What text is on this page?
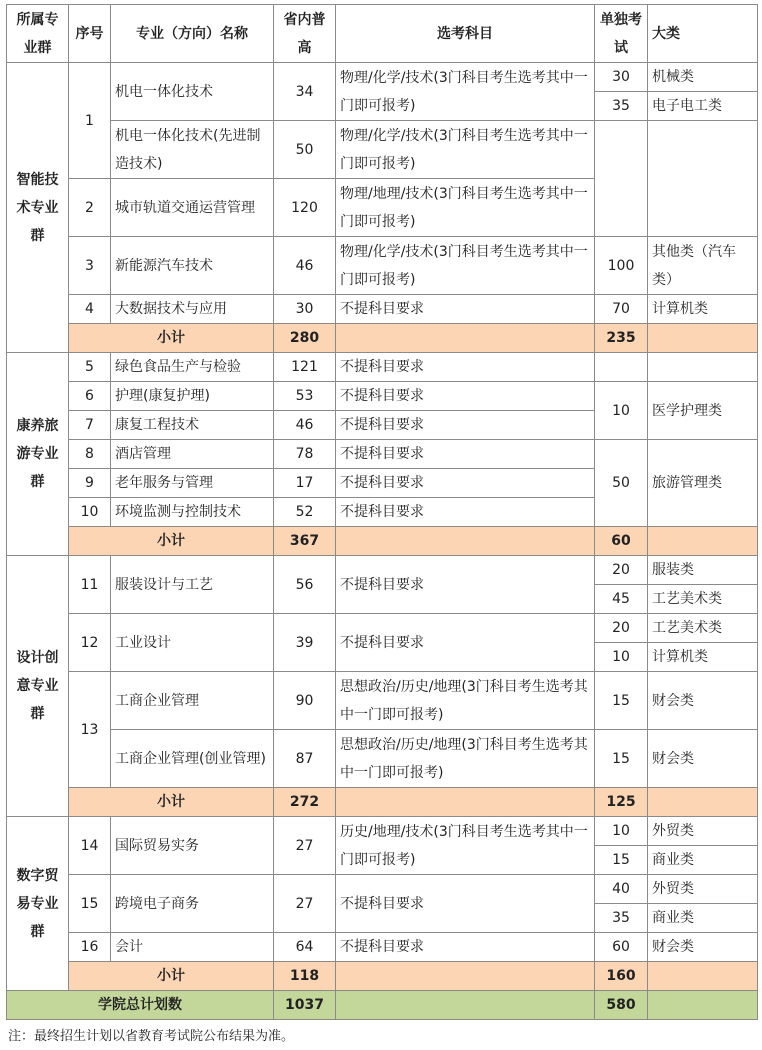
所属专业群	序号	专业（方向）名称	省内普高	选考科目	单独考试	大类
智能技术专业群	1	机电一体化技术	34	物理/化学/技术(3门科目考生选考其中一门即可报考)	30	机械类
					35	电子电工类
		机电一体化技术(先进制造技术)	50	物理/化学/技术(3门科目考生选考其中一门即可报考)		

	2	城市轨道交通运营管理	120	物理/地理/技术(3门科目考生选考其中一门即可报考)		

	3	新能源汽车技术	46	物理/化学/技术(3门科目考生选考其中一门即可报考)	100	其他类（汽车类）

	4	大数据技术与应用	30	不提科目要求	70	计算机类
	小计		280		235	
康养旅游专业群	5	绿色食品生产与检验	121	不提科目要求		
	6	护理(康复护理)	53	不提科目要求	10	医学护理类
	7	康复工程技术	46	不提科目要求		
	8	酒店管理	78	不提科目要求	50	旅游管理类
	9	老年服务与管理	17	不提科目要求		
	10	环境监测与控制技术	52	不提科目要求		
	小计		367		60	
设计创意专业群	11	服装设计与工艺	56	不提科目要求	20	服装类
					45	工艺美术类
	12	工业设计	39	不提科目要求	20	工艺美术类
					10	计算机类
	13	工商企业管理	90	思想政治/历史/地理(3门科目考生选考其中一门即可报考)	15	财会类

		工商企业管理(创业管理)	87	思想政治/历史/地理(3门科目考生选考其中一门即可报考)	15	财会类

	小计		272		125	
数字贸易专业群	14	国际贸易实务	27	历史/地理/技术(3门科目考生选考其中一门即可报考)	10	外贸类
					15	商业类
	15	跨境电子商务	27	不提科目要求	40	外贸类
					35	商业类
	16	会计	64	不提科目要求	60	财会类
	小计		118		160	
学院总计划数			1037		580	
注：最终招生计划以省教育考试院公布结果为准。
